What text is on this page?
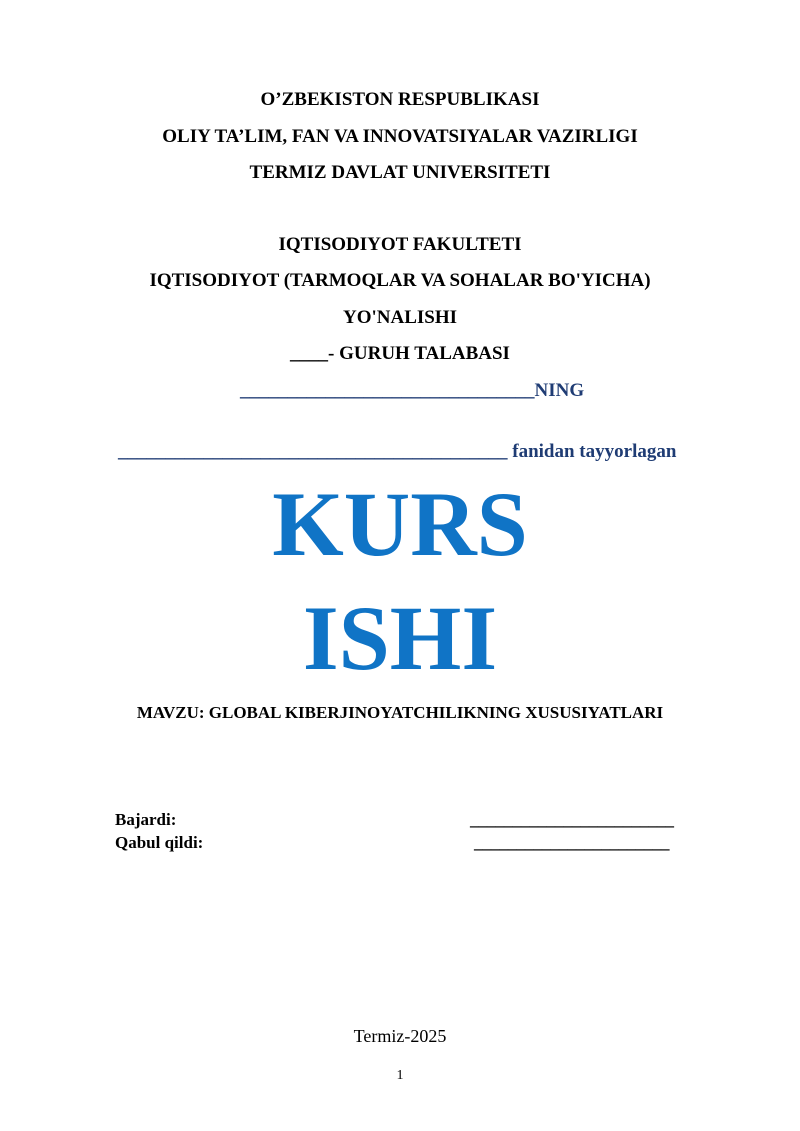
O’ZBEKISTON RESPUBLIKASI
OLIY TA’LIM, FAN VA INNOVATSIYALAR VAZIRLIGI
TERMIZ DAVLAT UNIVERSITETI
IQTISODIYOT FAKULTETI
IQTISODIYOT (TARMOQLAR VA SOHALAR BO'YICHA)
YO'NALISHI
____- GURUH TALABASI
_______________________________NING
_________________________________________ fanidan tayyorlagan
KURS
ISHI
MAVZU: GLOBAL KIBERJINOYATCHILIKNING XUSUSIYATLARI
Bajardi:	________________________
Qabul qildi:	_______________________
Termiz-2025
1
